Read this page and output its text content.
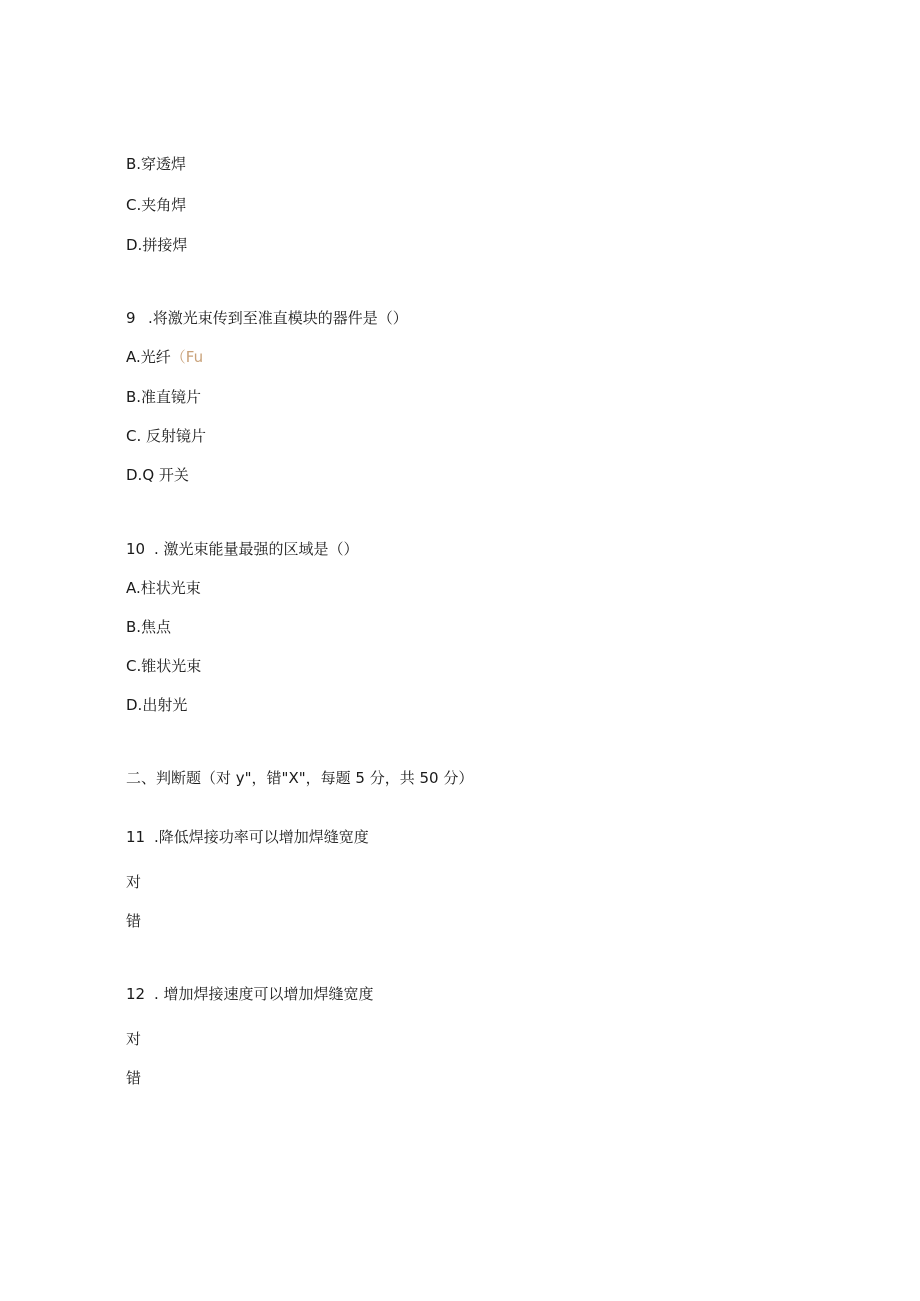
B.穿透焊
C.夹角焊
D.拼接焊
9 .将激光束传到至准直模块的器件是（）
A.光纤（Fu
B.准直镜片
C. 反射镜片
D.Q 开关
10 . 激光束能量最强的区域是（）
A.柱状光束
B.焦点
C.锥状光束
D.出射光
二、判断题（对 y"，错"X"，每题 5 分，共 50 分）
11 .降低焊接功率可以增加焊缝宽度
对
错
12 . 增加焊接速度可以增加焊缝宽度
对
错
